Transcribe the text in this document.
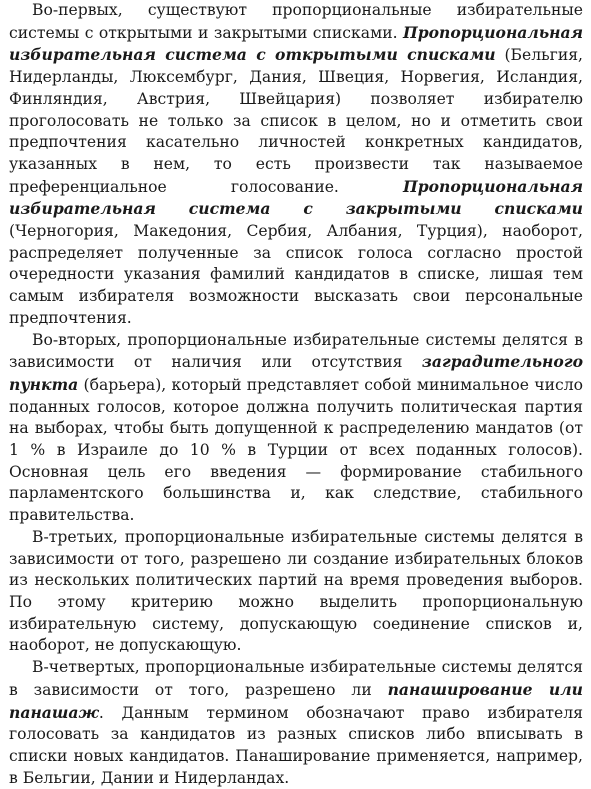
Во-первых, существуют пропорциональные избирательные системы с открытыми и закрытыми списками. Пропорциональная избирательная система с открытыми списками (Бельгия, Нидерланды, Люксембург, Дания, Швеция, Норвегия, Исландия, Финляндия, Австрия, Швейцария) позволяет избирателю проголосовать не только за список в целом, но и отметить свои предпочтения касательно личностей конкретных кандидатов, указанных в нем, то есть произвести так называемое преференциальное голосование. Пропорциональная избирательная система с закрытыми списками (Черногория, Македония, Сербия, Албания, Турция), наоборот, распределяет полученные за список голоса согласно простой очередности указания фамилий кандидатов в списке, лишая тем самым избирателя возможности высказать свои персональные предпочтения.

Во-вторых, пропорциональные избирательные системы делятся в зависимости от наличия или отсутствия заградительного пункта (барьера), который представляет собой минимальное число поданных голосов, которое должна получить политическая партия на выборах, чтобы быть допущенной к распределению мандатов (от 1 % в Израиле до 10 % в Турции от всех поданных голосов). Основная цель его введения — формирование стабильного парламентского большинства и, как следствие, стабильного правительства.

В-третьих, пропорциональные избирательные системы делятся в зависимости от того, разрешено ли создание избирательных блоков из нескольких политических партий на время проведения выборов. По этому критерию можно выделить пропорциональную избирательную систему, допускающую соединение списков и, наоборот, не допускающую.

В-четвертых, пропорциональные избирательные системы делятся в зависимости от того, разрешено ли панаширование или панашаж. Данным термином обозначают право избирателя голосовать за кандидатов из разных списков либо вписывать в списки новых кандидатов. Панаширование применяется, например, в Бельгии, Дании и Нидерландах.
